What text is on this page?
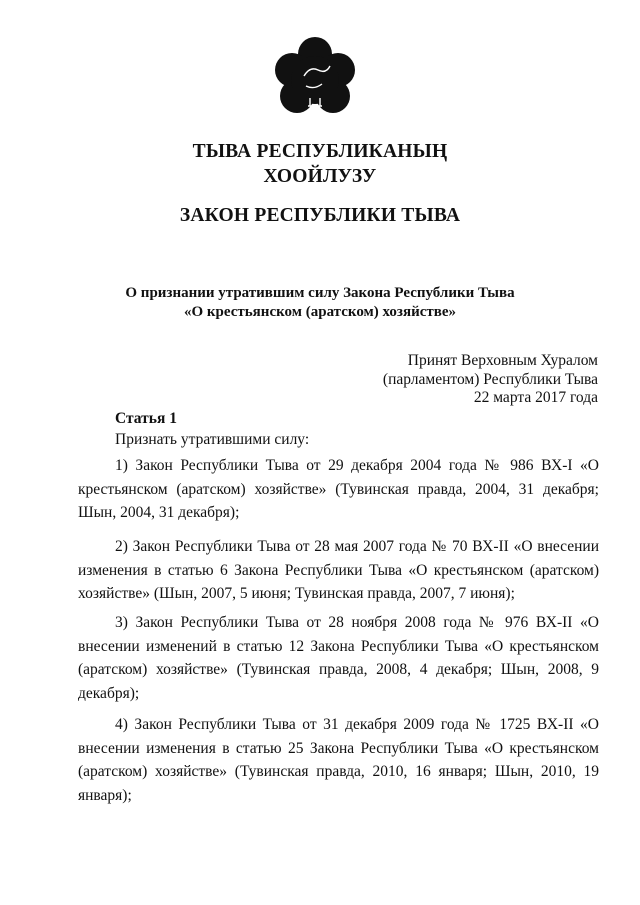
ТЫВА РЕСПУБЛИКАНЫҢ
ХООЙЛУЗУ
ЗАКОН РЕСПУБЛИКИ ТЫВА
О признании утратившим силу Закона Республики Тыва
«О крестьянском (аратском) хозяйстве»
Принят Верховным Хуралом
(парламентом) Республики Тыва
22 марта 2017 года
Статья 1
Признать утратившими силу:

1) Закон Республики Тыва от 29 декабря 2004 года № 986 ВХ-I «О крестьянском (аратском) хозяйстве» (Тувинская правда, 2004, 31 декабря; Шын, 2004, 31 декабря);

2) Закон Республики Тыва от 28 мая 2007 года № 70 ВХ-II «О внесении изменения в статью 6 Закона Республики Тыва «О крестьянском (аратском) хозяйстве» (Шын, 2007, 5 июня; Тувинская правда, 2007, 7 июня);

3) Закон Республики Тыва от 28 ноября 2008 года № 976 ВХ-II «О внесении изменений в статью 12 Закона Республики Тыва «О крестьянском (аратском) хозяйстве» (Тувинская правда, 2008, 4 декабря; Шын, 2008, 9 декабря);

4) Закон Республики Тыва от 31 декабря 2009 года № 1725 ВХ-II «О внесении изменения в статью 25 Закона Республики Тыва «О крестьянском (аратском) хозяйстве» (Тувинская правда, 2010, 16 января; Шын, 2010, 19 января);
